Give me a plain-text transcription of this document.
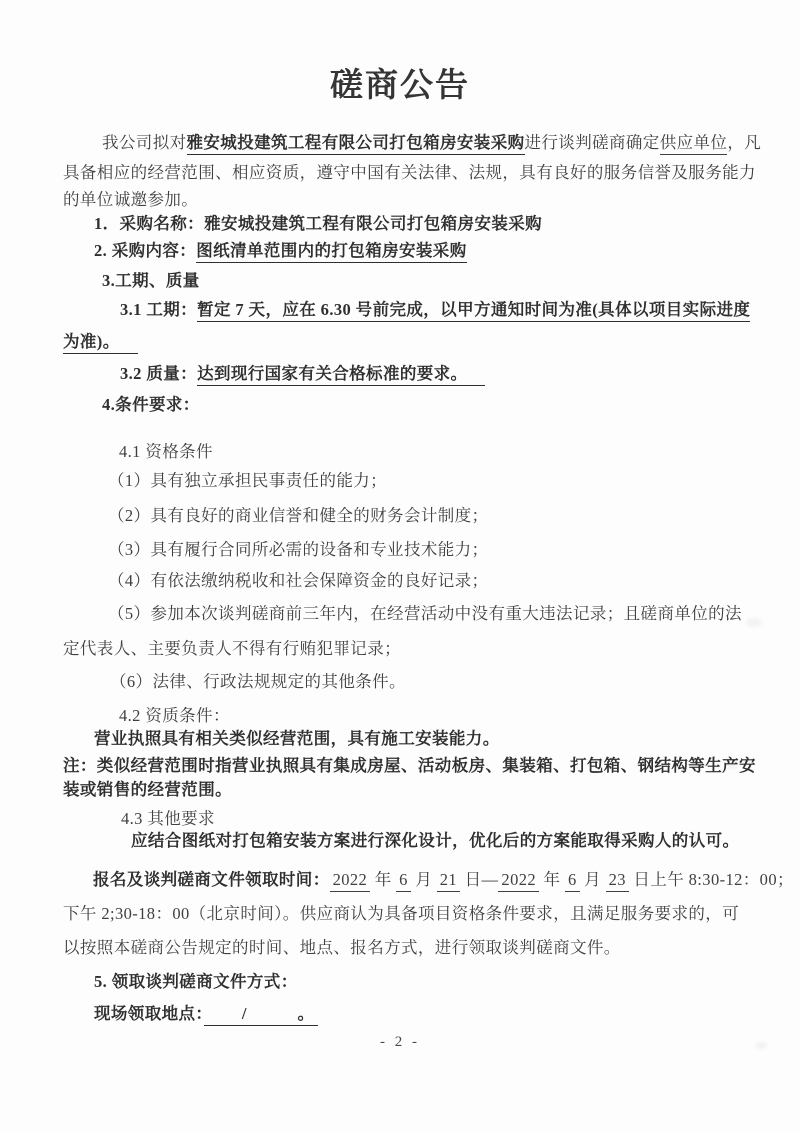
磋商公告

我公司拟对雅安城投建筑工程有限公司打包箱房安装采购进行谈判磋商确定供应单位，凡

具备相应的经营范围、相应资质，遵守中国有关法律、法规，具有良好的服务信誉及服务能力

的单位诚邀参加。

1．采购名称：雅安城投建筑工程有限公司打包箱房安装采购

2. 采购内容：图纸清单范围内的打包箱房安装采购

3.工期、质量

3.1 工期：暂定 7 天，应在 6.30 号前完成，以甲方通知时间为准(具体以项目实际进度

为准)。

3.2 质量：达到现行国家有关合格标准的要求。

4.条件要求：

4.1 资格条件

（1）具有独立承担民事责任的能力；

（2）具有良好的商业信誉和健全的财务会计制度；

（3）具有履行合同所必需的设备和专业技术能力；

（4）有依法缴纳税收和社会保障资金的良好记录；

（5）参加本次谈判磋商前三年内，在经营活动中没有重大违法记录；且磋商单位的法

定代表人、主要负责人不得有行贿犯罪记录；

（6）法律、行政法规规定的其他条件。

4.2 资质条件：

营业执照具有相关类似经营范围，具有施工安装能力。

注：类似经营范围时指营业执照具有集成房屋、活动板房、集装箱、打包箱、钢结构等生产安

装或销售的经营范围。

4.3 其他要求

应结合图纸对打包箱安装方案进行深化设计，优化后的方案能取得采购人的认可。

报名及谈判磋商文件领取时间： 2022 年 6 月 21 日— 2022 年 6 月 23 日上午 8:30-12：00；

下午 2;30-18：00（北京时间）。供应商认为具备项目资格条件要求，且满足服务要求的，可

以按照本磋商公告规定的时间、地点、报名方式，进行领取谈判磋商文件。

5. 领取谈判磋商文件方式：

现场领取地点：　　/　　　。

- 2 -
